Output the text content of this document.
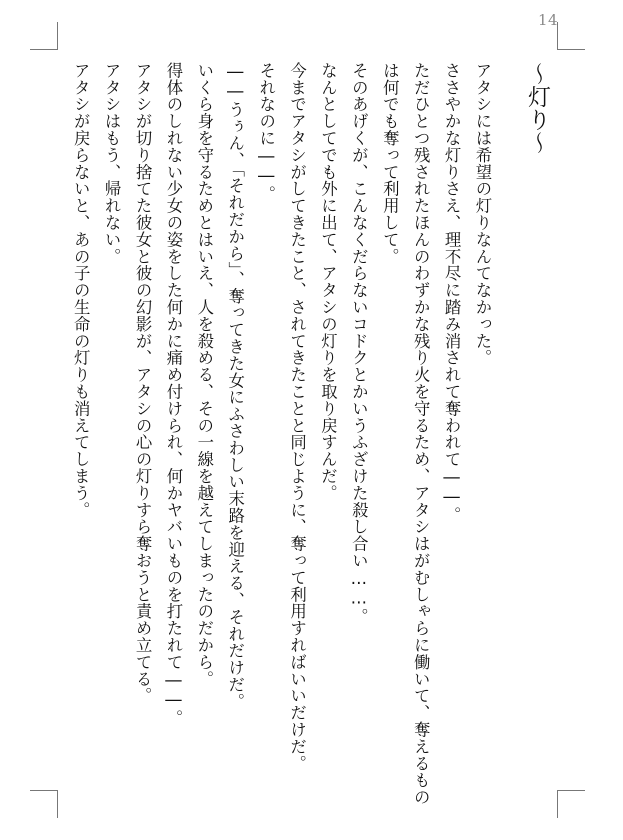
14
～灯り～
アタシには希望の灯りなんてなかった。
ささやかな灯りさえ、理不尽に踏み消されて奪われて――。
ただひとつ残されたほんのわずかな残り火を守るため、アタシはがむしゃらに働いて、奪えるもの
は何でも奪って利用して。
そのあげくが、こんなくだらないコドクとかいうふざけた殺し合い……。
なんとしてでも外に出て、アタシの灯りを取り戻すんだ。
今までアタシがしてきたこと、されてきたことと同じように、奪って利用すればいいだけだ。
それなのに――。
――うぅん、「それだから」、奪ってきた女にふさわしい末路を迎える、それだけだ。
いくら身を守るためとはいえ、人を殺める、その一線を越えてしまったのだから。
得体のしれない少女の姿をした何かに痛め付けられ、何かヤバいものを打たれて――。
アタシが切り捨てた彼女と彼の幻影が、アタシの心の灯りすら奪おうと責め立てる。
アタシはもう、帰れない。
アタシが戻らないと、あの子の生命の灯りも消えてしまう。
